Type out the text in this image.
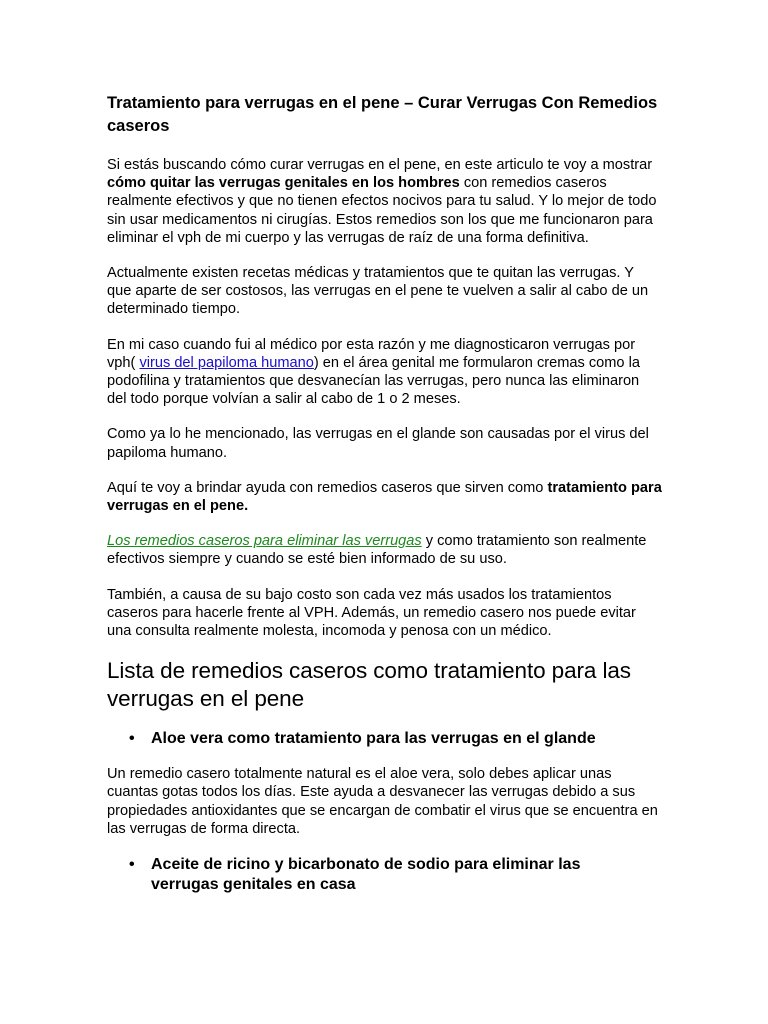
Tratamiento para verrugas en el pene – Curar Verrugas Con Remedios caseros

Si estás buscando cómo curar verrugas en el pene, en este articulo te voy a mostrar cómo quitar las verrugas genitales en los hombres con remedios caseros realmente efectivos y que no tienen efectos nocivos para tu salud. Y lo mejor de todo sin usar medicamentos ni cirugías. Estos remedios son los que me funcionaron para eliminar el vph de mi cuerpo y las verrugas de raíz de una forma definitiva.

Actualmente existen recetas médicas y tratamientos que te quitan las verrugas. Y que aparte de ser costosos, las verrugas en el pene te vuelven a salir al cabo de un determinado tiempo.

En mi caso cuando fui al médico por esta razón y me diagnosticaron verrugas por vph( virus del papiloma humano) en el área genital me formularon cremas como la podofilina y tratamientos que desvanecían las verrugas, pero nunca las eliminaron del todo porque volvían a salir al cabo de 1 o 2 meses.

Como ya lo he mencionado, las verrugas en el glande son causadas por el virus del papiloma humano.

Aquí te voy a brindar ayuda con remedios caseros que sirven como tratamiento para verrugas en el pene.

Los remedios caseros para eliminar las verrugas y como tratamiento son realmente efectivos siempre y cuando se esté bien informado de su uso.

También, a causa de su bajo costo son cada vez más usados los tratamientos caseros para hacerle frente al VPH. Además, un remedio casero nos puede evitar una consulta realmente molesta, incomoda y penosa con un médico.

Lista de remedios caseros como tratamiento para las verrugas en el pene
•	Aloe vera como tratamiento para las verrugas en el glande

Un remedio casero totalmente natural es el aloe vera, solo debes aplicar unas cuantas gotas todos los días. Este ayuda a desvanecer las verrugas debido a sus propiedades antioxidantes que se encargan de combatir el virus que se encuentra en las verrugas de forma directa.

•	Aceite de ricino y bicarbonato de sodio para eliminar las verrugas genitales en casa
